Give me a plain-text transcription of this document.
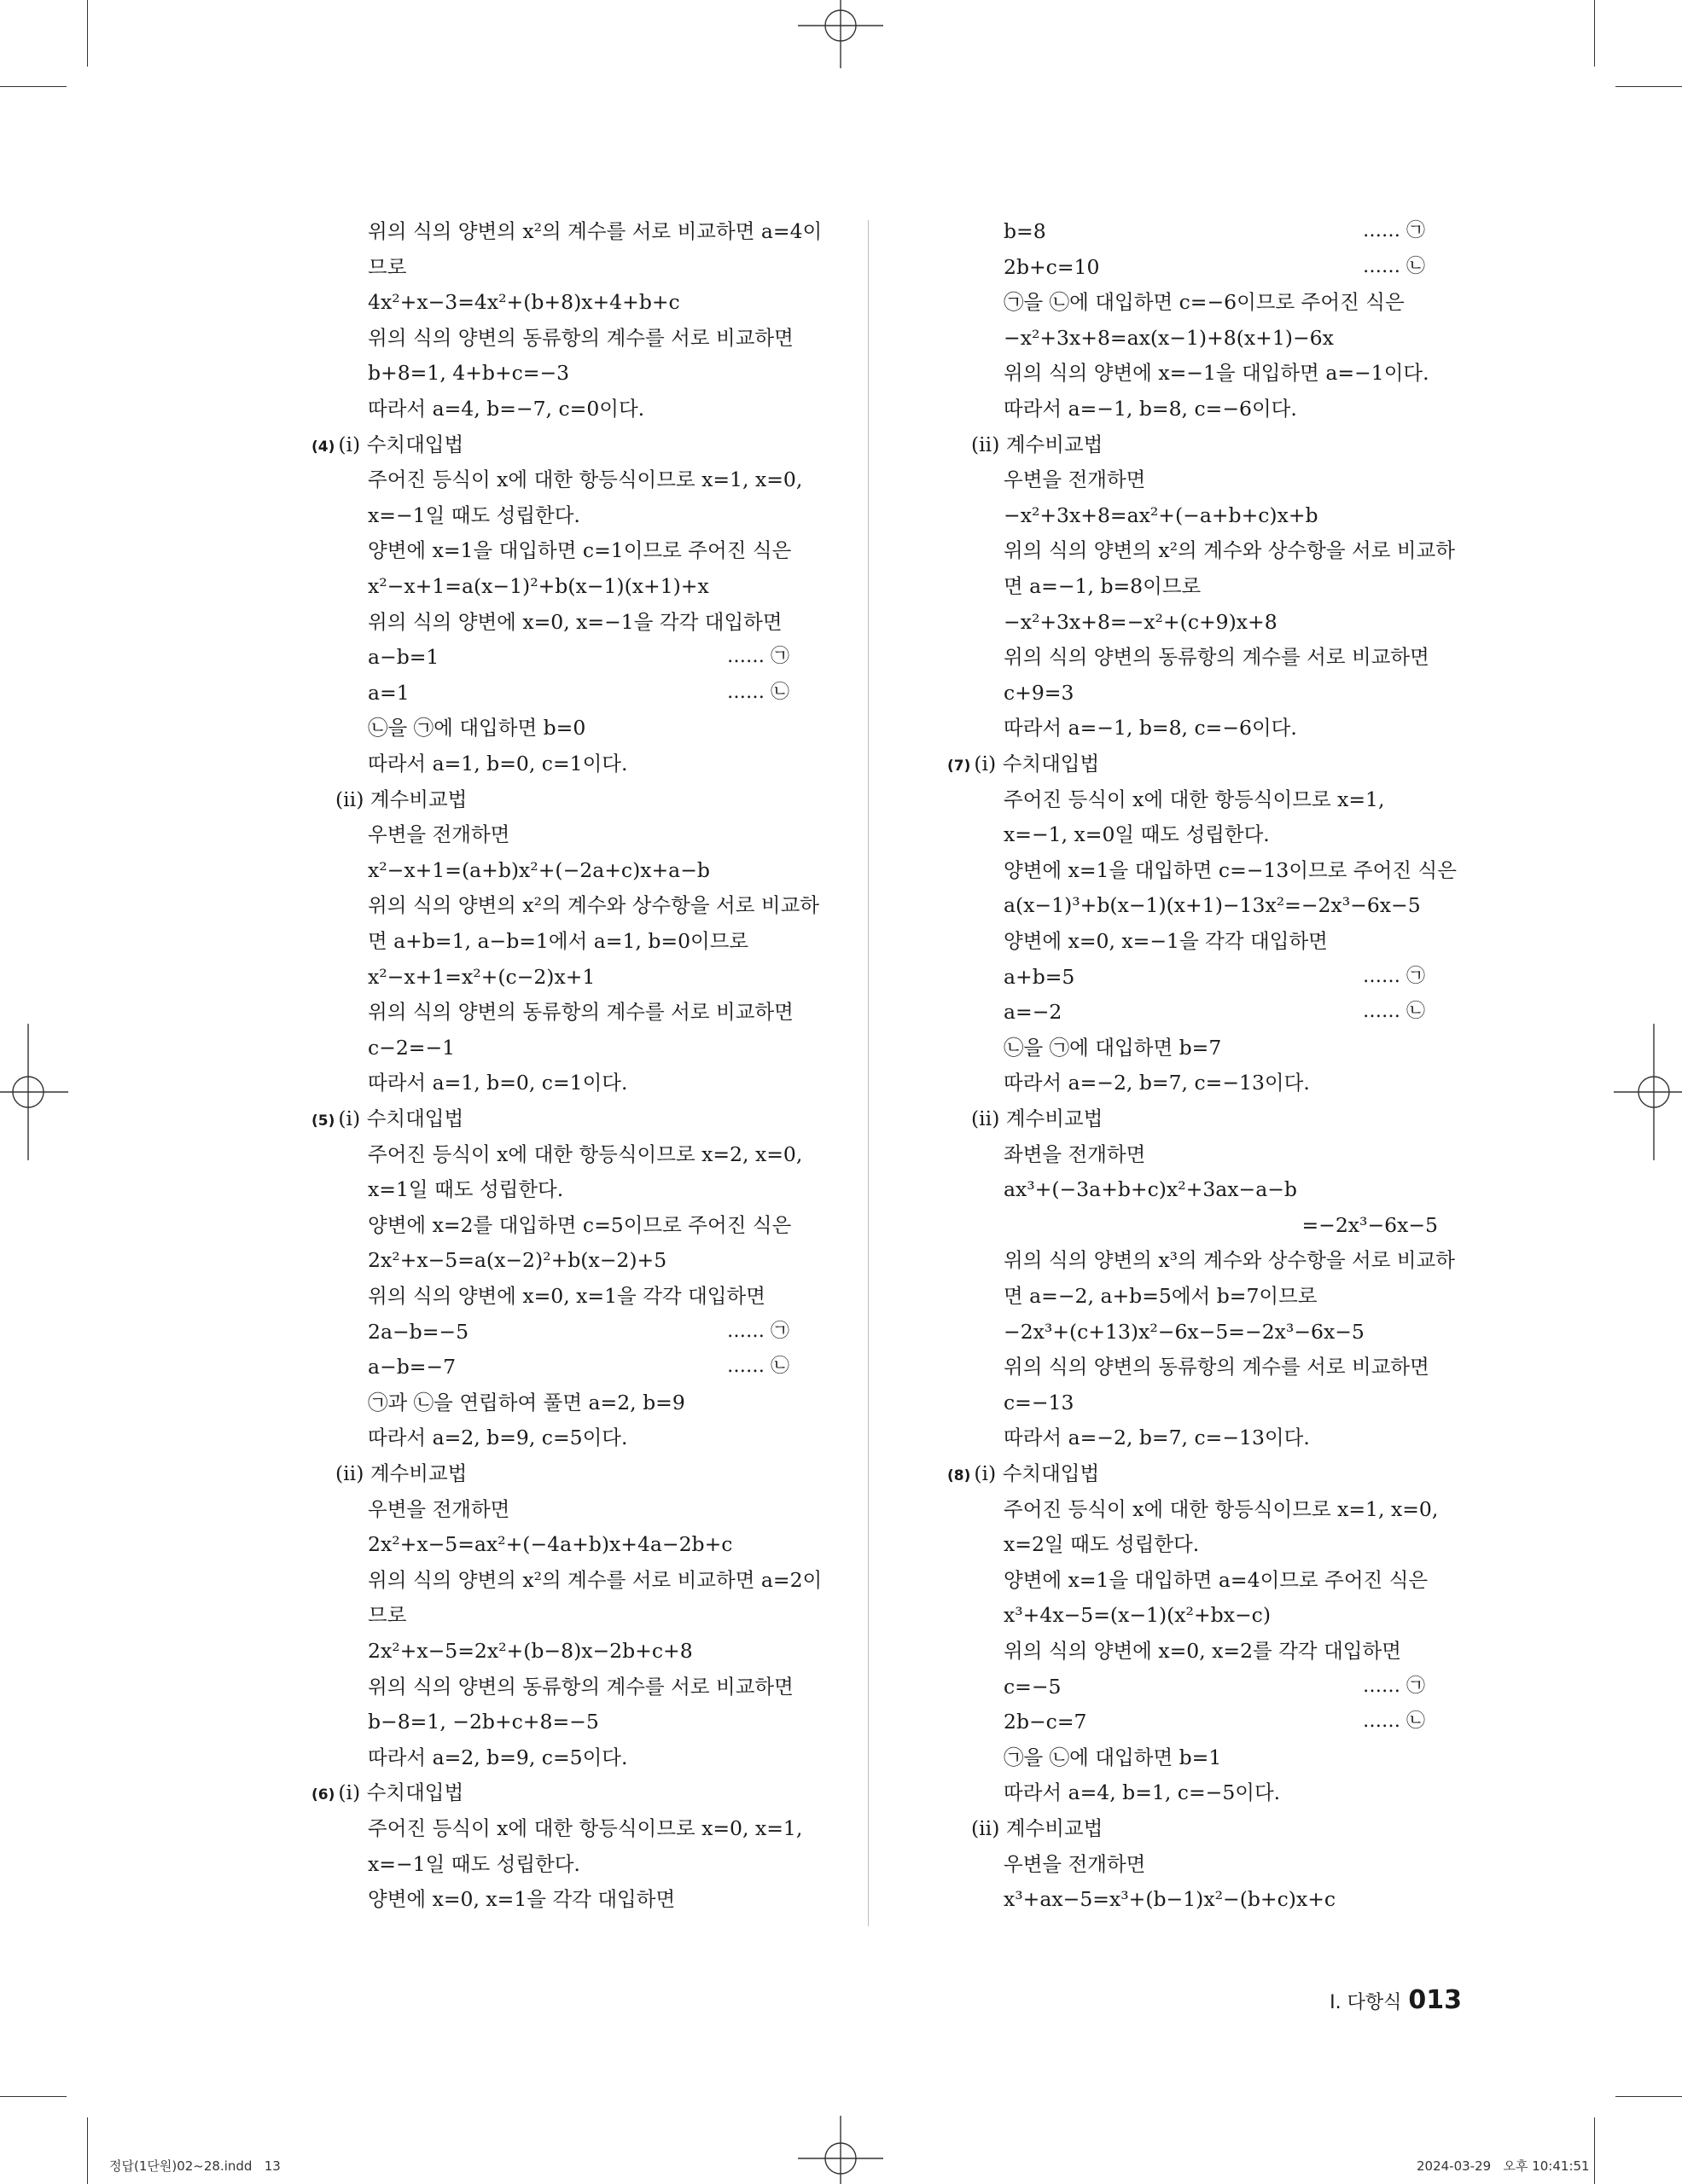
위의 식의 양변의 x²의 계수를 서로 비교하면 a=4이
므로
4x²+x−3=4x²+(b+8)x+4+b+c
위의 식의 양변의 동류항의 계수를 서로 비교하면
b+8=1, 4+b+c=−3
따라서 a=4, b=−7, c=0이다.
(4) (ⅰ) 수치대입법
주어진 등식이 x에 대한 항등식이므로 x=1, x=0,
x=−1일 때도 성립한다.
양변에 x=1을 대입하면 c=1이므로 주어진 식은
x²−x+1=a(x−1)²+b(x−1)(x+1)+x
위의 식의 양변에 x=0, x=−1을 각각 대입하면
a−b=1	…… ㉠
a=1	…… ㉡
㉡을 ㉠에 대입하면 b=0
따라서 a=1, b=0, c=1이다.
(ⅱ) 계수비교법
우변을 전개하면
x²−x+1=(a+b)x²+(−2a+c)x+a−b
위의 식의 양변의 x²의 계수와 상수항을 서로 비교하
면 a+b=1, a−b=1에서 a=1, b=0이므로
x²−x+1=x²+(c−2)x+1
위의 식의 양변의 동류항의 계수를 서로 비교하면
c−2=−1
따라서 a=1, b=0, c=1이다.
(5) (ⅰ) 수치대입법
주어진 등식이 x에 대한 항등식이므로 x=2, x=0,
x=1일 때도 성립한다.
양변에 x=2를 대입하면 c=5이므로 주어진 식은
2x²+x−5=a(x−2)²+b(x−2)+5
위의 식의 양변에 x=0, x=1을 각각 대입하면
2a−b=−5	…… ㉠
a−b=−7	…… ㉡
㉠과 ㉡을 연립하여 풀면 a=2, b=9
따라서 a=2, b=9, c=5이다.
(ⅱ) 계수비교법
우변을 전개하면
2x²+x−5=ax²+(−4a+b)x+4a−2b+c
위의 식의 양변의 x²의 계수를 서로 비교하면 a=2이
므로
2x²+x−5=2x²+(b−8)x−2b+c+8
위의 식의 양변의 동류항의 계수를 서로 비교하면
b−8=1, −2b+c+8=−5
따라서 a=2, b=9, c=5이다.
(6) (ⅰ) 수치대입법
주어진 등식이 x에 대한 항등식이므로 x=0, x=1,
x=−1일 때도 성립한다.
양변에 x=0, x=1을 각각 대입하면
b=8	…… ㉠
2b+c=10	…… ㉡
㉠을 ㉡에 대입하면 c=−6이므로 주어진 식은
−x²+3x+8=ax(x−1)+8(x+1)−6x
위의 식의 양변에 x=−1을 대입하면 a=−1이다.
따라서 a=−1, b=8, c=−6이다.
(ⅱ) 계수비교법
우변을 전개하면
−x²+3x+8=ax²+(−a+b+c)x+b
위의 식의 양변의 x²의 계수와 상수항을 서로 비교하
면 a=−1, b=8이므로
−x²+3x+8=−x²+(c+9)x+8
위의 식의 양변의 동류항의 계수를 서로 비교하면
c+9=3
따라서 a=−1, b=8, c=−6이다.
(7) (ⅰ) 수치대입법
주어진 등식이 x에 대한 항등식이므로 x=1,
x=−1, x=0일 때도 성립한다.
양변에 x=1을 대입하면 c=−13이므로 주어진 식은
a(x−1)³+b(x−1)(x+1)−13x²=−2x³−6x−5
양변에 x=0, x=−1을 각각 대입하면
a+b=5	…… ㉠
a=−2	…… ㉡
㉡을 ㉠에 대입하면 b=7
따라서 a=−2, b=7, c=−13이다.
(ⅱ) 계수비교법
좌변을 전개하면
ax³+(−3a+b+c)x²+3ax−a−b
=−2x³−6x−5
위의 식의 양변의 x³의 계수와 상수항을 서로 비교하
면 a=−2, a+b=5에서 b=7이므로
−2x³+(c+13)x²−6x−5=−2x³−6x−5
위의 식의 양변의 동류항의 계수를 서로 비교하면
c=−13
따라서 a=−2, b=7, c=−13이다.
(8) (ⅰ) 수치대입법
주어진 등식이 x에 대한 항등식이므로 x=1, x=0,
x=2일 때도 성립한다.
양변에 x=1을 대입하면 a=4이므로 주어진 식은
x³+4x−5=(x−1)(x²+bx−c)
위의 식의 양변에 x=0, x=2를 각각 대입하면
c=−5	…… ㉠
2b−c=7	…… ㉡
㉠을 ㉡에 대입하면 b=1
따라서 a=4, b=1, c=−5이다.
(ⅱ) 계수비교법
우변을 전개하면
x³+ax−5=x³+(b−1)x²−(b+c)x+c
Ⅰ. 다항식 013
정답(1단원)02~28.indd   13	2024-03-29   오후 10:41:51
